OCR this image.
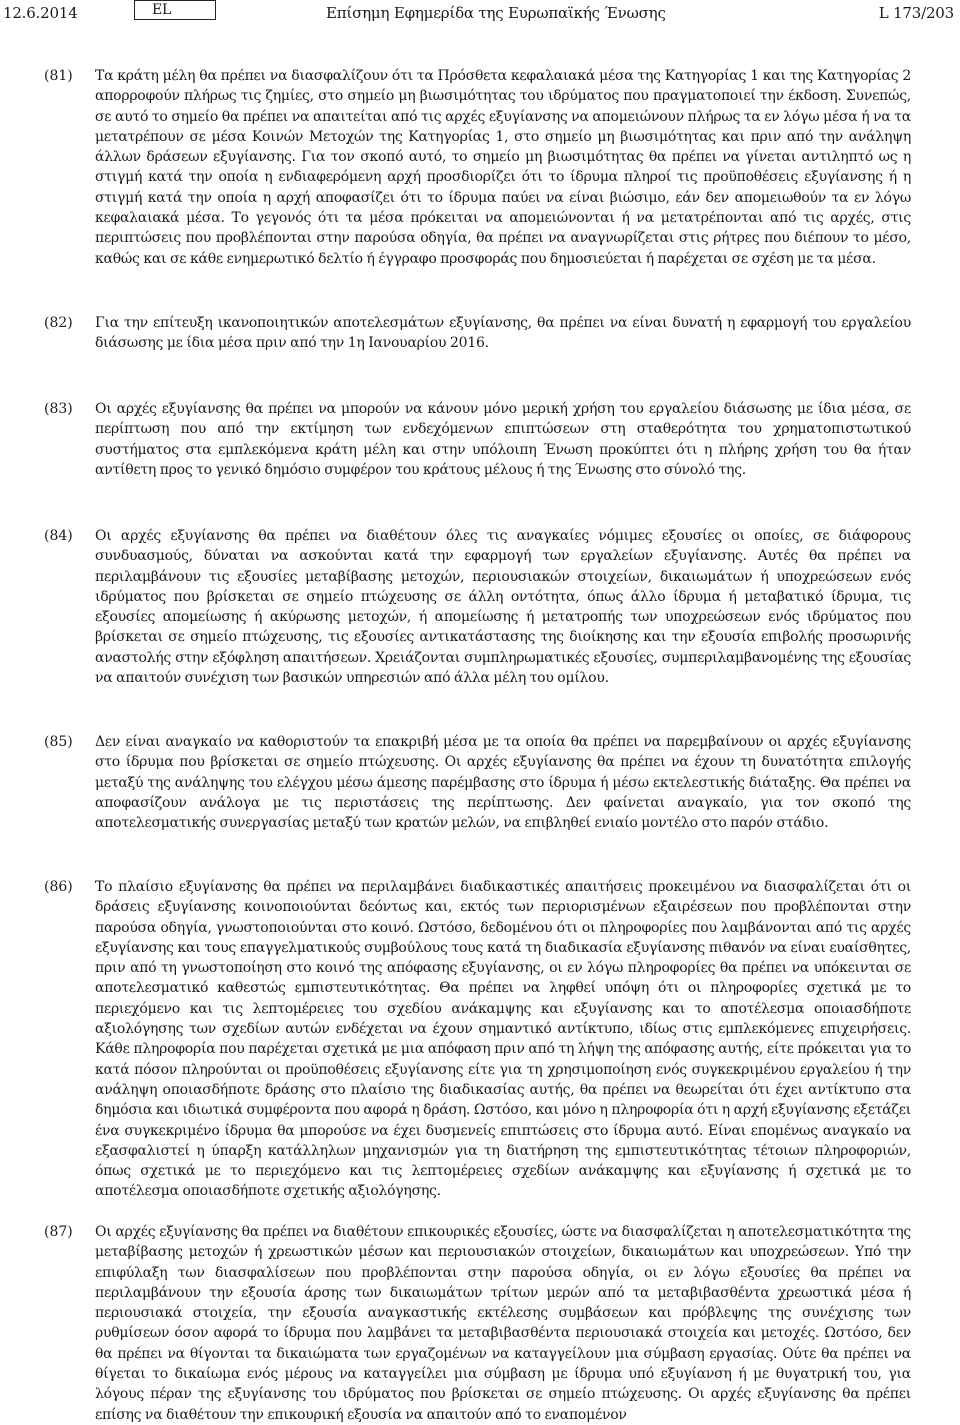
12.6.2014	EL	Επίσημη Εφημερίδα της Ευρωπαϊκής Ένωσης	L 173/203
(81) Τα κράτη μέλη θα πρέπει να διασφαλίζουν ότι τα Πρόσθετα κεφαλαιακά μέσα της Κατηγορίας 1 και της Κατηγορίας 2 απορροφούν πλήρως τις ζημίες, στο σημείο μη βιωσιμότητας του ιδρύματος που πραγματοποιεί την έκδοση. Συνεπώς, σε αυτό το σημείο θα πρέπει να απαιτείται από τις αρχές εξυγίανσης να απομειώνουν πλήρως τα εν λόγω μέσα ή να τα μετατρέπουν σε μέσα Κοινών Μετοχών της Κατηγορίας 1, στο σημείο μη βιωσιμότητας και πριν από την ανάληψη άλλων δράσεων εξυγίανσης. Για τον σκοπό αυτό, το σημείο μη βιωσιμότητας θα πρέπει να γίνεται αντιληπτό ως η στιγμή κατά την οποία η ενδιαφερόμενη αρχή προσδιορίζει ότι το ίδρυμα πληροί τις προϋποθέσεις εξυγίανσης ή η στιγμή κατά την οποία η αρχή αποφασίζει ότι το ίδρυμα παύει να είναι βιώσιμο, εάν δεν απομειωθούν τα εν λόγω κεφαλαιακά μέσα. Το γεγονός ότι τα μέσα πρόκειται να απομειώνονται ή να μετατρέπονται από τις αρχές, στις περιπτώσεις που προβλέπονται στην παρούσα οδηγία, θα πρέπει να αναγνωρίζεται στις ρήτρες που διέπουν το μέσο, καθώς και σε κάθε ενημερωτικό δελτίο ή έγγραφο προσφοράς που δημοσιεύεται ή παρέχεται σε σχέση με τα μέσα.
(82) Για την επίτευξη ικανοποιητικών αποτελεσμάτων εξυγίανσης, θα πρέπει να είναι δυνατή η εφαρμογή του εργαλείου διάσωσης με ίδια μέσα πριν από την 1η Ιανουαρίου 2016.
(83) Οι αρχές εξυγίανσης θα πρέπει να μπορούν να κάνουν μόνο μερική χρήση του εργαλείου διάσωσης με ίδια μέσα, σε περίπτωση που από την εκτίμηση των ενδεχόμενων επιπτώσεων στη σταθερότητα του χρηματοπιστωτικού συστήματος στα εμπλεκόμενα κράτη μέλη και στην υπόλοιπη Ένωση προκύπτει ότι η πλήρης χρήση του θα ήταν αντίθετη προς το γενικό δημόσιο συμφέρον του κράτους μέλους ή της Ένωσης στο σύνολό της.
(84) Οι αρχές εξυγίανσης θα πρέπει να διαθέτουν όλες τις αναγκαίες νόμιμες εξουσίες οι οποίες, σε διάφορους συνδυασμούς, δύναται να ασκούνται κατά την εφαρμογή των εργαλείων εξυγίανσης. Αυτές θα πρέπει να περιλαμβάνουν τις εξουσίες μεταβίβασης μετοχών, περιουσιακών στοιχείων, δικαιωμάτων ή υποχρεώσεων ενός ιδρύματος που βρίσκεται σε σημείο πτώχευσης σε άλλη οντότητα, όπως άλλο ίδρυμα ή μεταβατικό ίδρυμα, τις εξουσίες απομείωσης ή ακύρωσης μετοχών, ή απομείωσης ή μετατροπής των υποχρεώσεων ενός ιδρύματος που βρίσκεται σε σημείο πτώχευσης, τις εξουσίες αντικατάστασης της διοίκησης και την εξουσία επιβολής προσωρινής αναστολής στην εξόφληση απαιτήσεων. Χρειάζονται συμπληρωματικές εξουσίες, συμπεριλαμβανομένης της εξουσίας να απαιτούν συνέχιση των βασικών υπηρεσιών από άλλα μέλη του ομίλου.
(85) Δεν είναι αναγκαίο να καθοριστούν τα επακριβή μέσα με τα οποία θα πρέπει να παρεμβαίνουν οι αρχές εξυγίανσης στο ίδρυμα που βρίσκεται σε σημείο πτώχευσης. Οι αρχές εξυγίανσης θα πρέπει να έχουν τη δυνατότητα επιλογής μεταξύ της ανάληψης του ελέγχου μέσω άμεσης παρέμβασης στο ίδρυμα ή μέσω εκτελεστικής διάταξης. Θα πρέπει να αποφασίζουν ανάλογα με τις περιστάσεις της περίπτωσης. Δεν φαίνεται αναγκαίο, για τον σκοπό της αποτελεσματικής συνεργασίας μεταξύ των κρατών μελών, να επιβληθεί ενιαίο μοντέλο στο παρόν στάδιο.
(86) Το πλαίσιο εξυγίανσης θα πρέπει να περιλαμβάνει διαδικαστικές απαιτήσεις προκειμένου να διασφαλίζεται ότι οι δράσεις εξυγίανσης κοινοποιούνται δεόντως και, εκτός των περιορισμένων εξαιρέσεων που προβλέπονται στην παρούσα οδηγία, γνωστοποιούνται στο κοινό. Ωστόσο, δεδομένου ότι οι πληροφορίες που λαμβάνονται από τις αρχές εξυγίανσης και τους επαγγελματικούς συμβούλους τους κατά τη διαδικασία εξυγίανσης πιθανόν να είναι ευαίσθητες, πριν από τη γνωστοποίηση στο κοινό της απόφασης εξυγίανσης, οι εν λόγω πληροφορίες θα πρέπει να υπόκεινται σε αποτελεσματικό καθεστώς εμπιστευτικότητας. Θα πρέπει να ληφθεί υπόψη ότι οι πληροφορίες σχετικά με το περιεχόμενο και τις λεπτομέρειες του σχεδίου ανάκαμψης και εξυγίανσης και το αποτέλεσμα οποιασδήποτε αξιολόγησης των σχεδίων αυτών ενδέχεται να έχουν σημαντικό αντίκτυπο, ιδίως στις εμπλεκόμενες επιχειρήσεις. Κάθε πληροφορία που παρέχεται σχετικά με μια απόφαση πριν από τη λήψη της απόφασης αυτής, είτε πρόκειται για το κατά πόσον πληρούνται οι προϋποθέσεις εξυγίανσης είτε για τη χρησιμοποίηση ενός συγκεκριμένου εργαλείου ή την ανάληψη οποιασδήποτε δράσης στο πλαίσιο της διαδικασίας αυτής, θα πρέπει να θεωρείται ότι έχει αντίκτυπο στα δημόσια και ιδιωτικά συμφέροντα που αφορά η δράση. Ωστόσο, και μόνο η πληροφορία ότι η αρχή εξυγίανσης εξετάζει ένα συγκεκριμένο ίδρυμα θα μπορούσε να έχει δυσμενείς επιπτώσεις στο ίδρυμα αυτό. Είναι επομένως αναγκαίο να εξασφαλιστεί η ύπαρξη κατάλληλων μηχανισμών για τη διατήρηση της εμπιστευτικότητας τέτοιων πληροφοριών, όπως σχετικά με το περιεχόμενο και τις λεπτομέρειες σχεδίων ανάκαμψης και εξυγίανσης ή σχετικά με το αποτέλεσμα οποιασδήποτε σχετικής αξιολόγησης.
(87) Οι αρχές εξυγίανσης θα πρέπει να διαθέτουν επικουρικές εξουσίες, ώστε να διασφαλίζεται η αποτελεσματικότητα της μεταβίβασης μετοχών ή χρεωστικών μέσων και περιουσιακών στοιχείων, δικαιωμάτων και υποχρεώσεων. Υπό την επιφύλαξη των διασφαλίσεων που προβλέπονται στην παρούσα οδηγία, οι εν λόγω εξουσίες θα πρέπει να περιλαμβάνουν την εξουσία άρσης των δικαιωμάτων τρίτων μερών από τα μεταβιβασθέντα χρεωστικά μέσα ή περιουσιακά στοιχεία, την εξουσία αναγκαστικής εκτέλεσης συμβάσεων και πρόβλεψης της συνέχισης των ρυθμίσεων όσον αφορά το ίδρυμα που λαμβάνει τα μεταβιβασθέντα περιουσιακά στοιχεία και μετοχές. Ωστόσο, δεν θα πρέπει να θίγονται τα δικαιώματα των εργαζομένων να καταγγείλουν μια σύμβαση εργασίας. Ούτε θα πρέπει να θίγεται το δικαίωμα ενός μέρους να καταγγείλει μια σύμβαση με ίδρυμα υπό εξυγίανση ή με θυγατρική του, για λόγους πέραν της εξυγίανσης του ιδρύματος που βρίσκεται σε σημείο πτώχευσης. Οι αρχές εξυγίανσης θα πρέπει επίσης να διαθέτουν την επικουρική εξουσία να απαιτούν από το εναπομένον
